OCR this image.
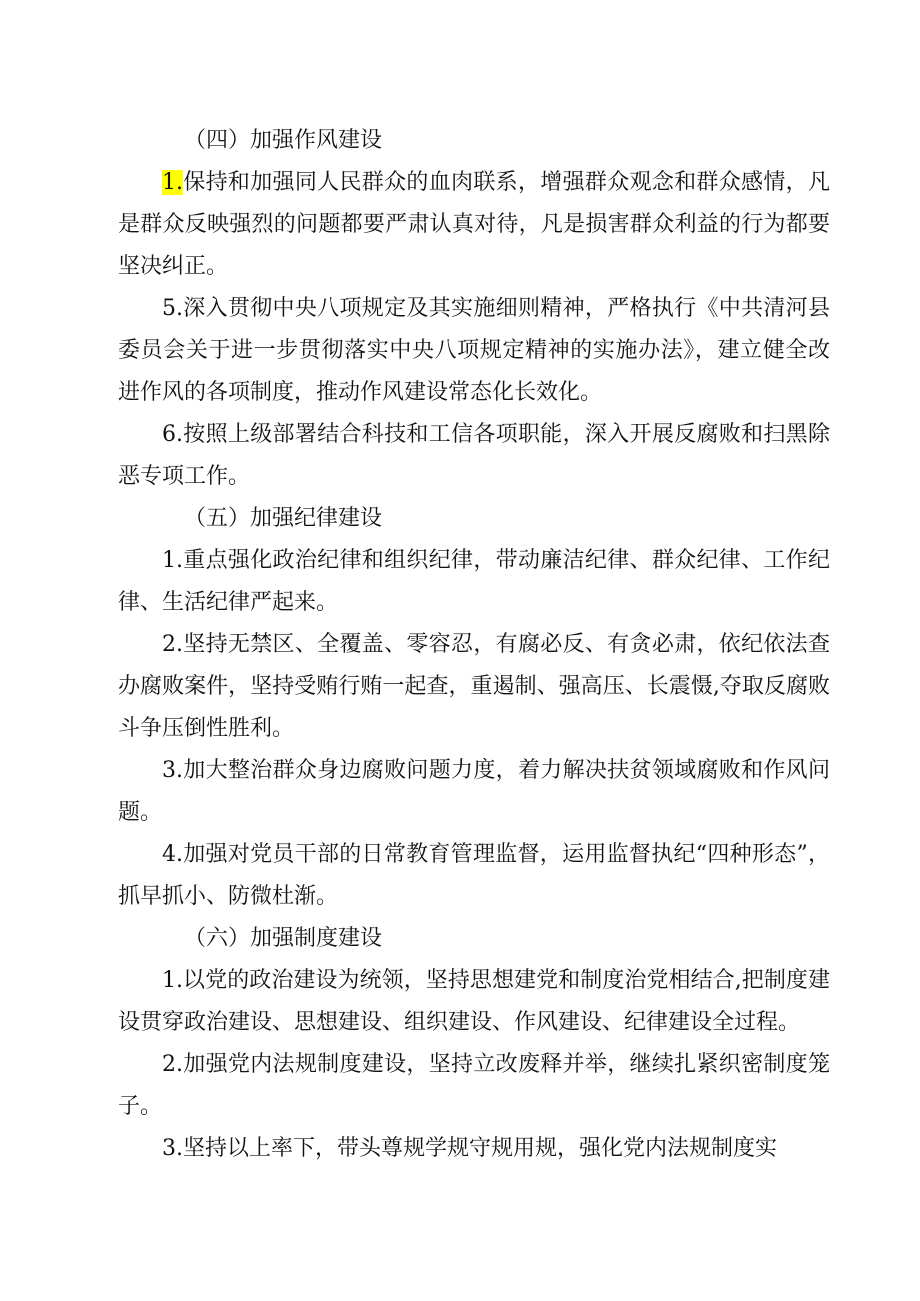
（四）加强作风建设

1.保持和加强同人民群众的血肉联系，增强群众观念和群众感情，凡是群众反映强烈的问题都要严肃认真对待，凡是损害群众利益的行为都要坚决纠正。

5.深入贯彻中央八项规定及其实施细则精神，严格执行《中共清河县委员会关于进一步贯彻落实中央八项规定精神的实施办法》，建立健全改进作风的各项制度，推动作风建设常态化长效化。

6.按照上级部署结合科技和工信各项职能，深入开展反腐败和扫黑除恶专项工作。

（五）加强纪律建设

1.重点强化政治纪律和组织纪律，带动廉洁纪律、群众纪律、工作纪律、生活纪律严起来。

2.坚持无禁区、全覆盖、零容忍，有腐必反、有贪必肃，依纪依法查办腐败案件，坚持受贿行贿一起查，重遏制、强高压、长震慑,夺取反腐败斗争压倒性胜利。

3.加大整治群众身边腐败问题力度，着力解决扶贫领域腐败和作风问题。

4.加强对党员干部的日常教育管理监督，运用监督执纪“四种形态”，抓早抓小、防微杜渐。

（六）加强制度建设

1.以党的政治建设为统领，坚持思想建党和制度治党相结合,把制度建设贯穿政治建设、思想建设、组织建设、作风建设、纪律建设全过程。

2.加强党内法规制度建设，坚持立改废释并举，继续扎紧织密制度笼子。

3.坚持以上率下，带头尊规学规守规用规，强化党内法规制度实
